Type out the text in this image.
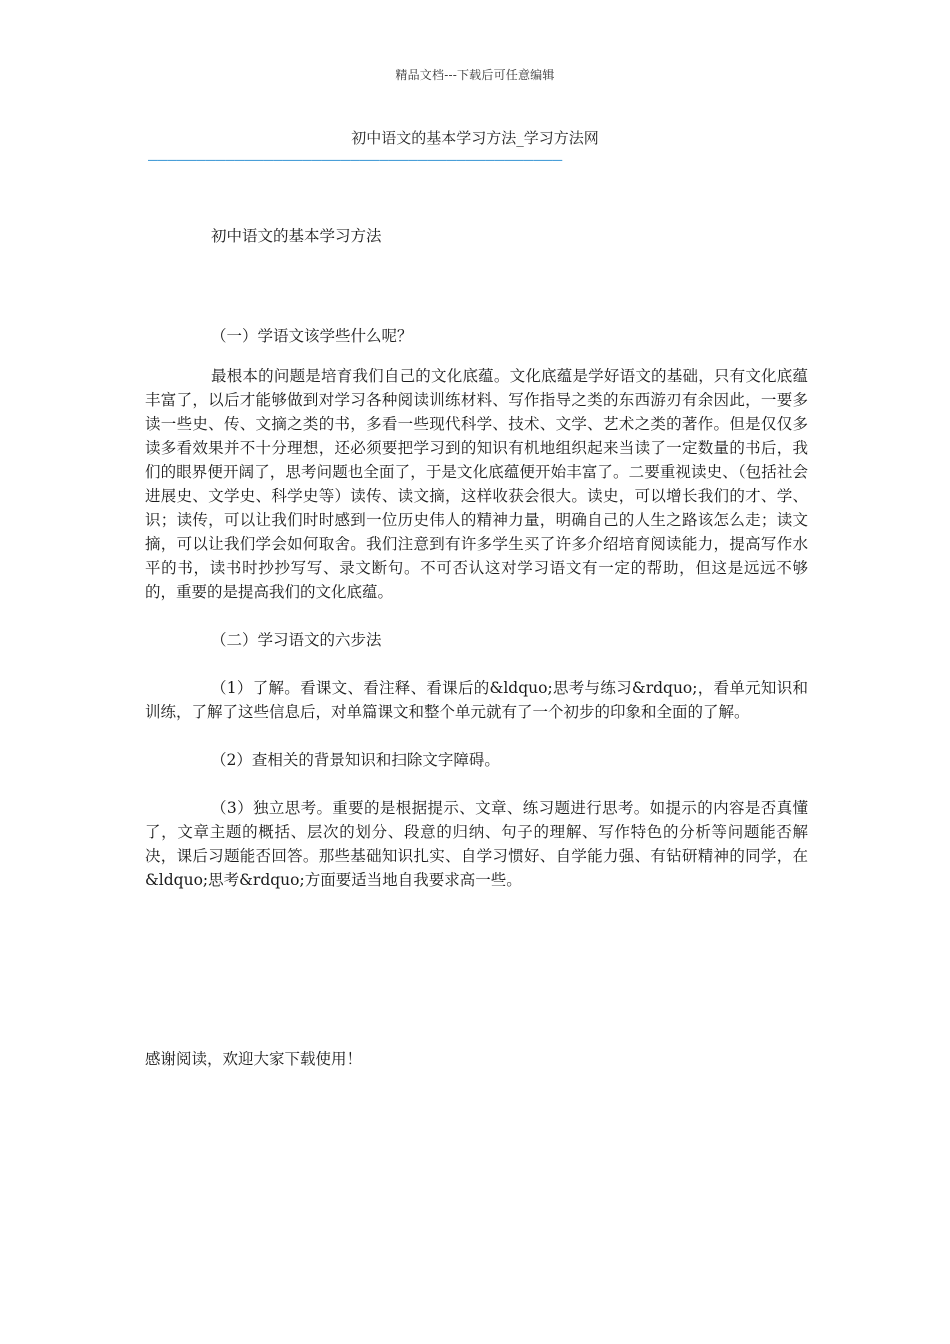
精品文档---下载后可任意编辑
初中语文的基本学习方法_学习方法网
———————————————————————————————————————————

初中语文的基本学习方法

（一）学语文该学些什么呢？

最根本的问题是培育我们自己的文化底蕴。文化底蕴是学好语文的基础，只有文化底蕴丰富了，以后才能够做到对学习各种阅读训练材料、写作指导之类的东西游刃有余因此，一要多读一些史、传、文摘之类的书，多看一些现代科学、技术、文学、艺术之类的著作。但是仅仅多读多看效果并不十分理想，还必须要把学习到的知识有机地组织起来当读了一定数量的书后，我们的眼界便开阔了，思考问题也全面了，于是文化底蕴便开始丰富了。二要重视读史、（包括社会进展史、文学史、科学史等）读传、读文摘，这样收获会很大。读史，可以增长我们的才、学、识；读传，可以让我们时时感到一位历史伟人的精神力量，明确自己的人生之路该怎么走；读文摘，可以让我们学会如何取舍。我们注意到有许多学生买了许多介绍培育阅读能力，提高写作水平的书，读书时抄抄写写、录文断句。不可否认这对学习语文有一定的帮助，但这是远远不够的，重要的是提高我们的文化底蕴。

（二）学习语文的六步法

（1）了解。看课文、看注释、看课后的&ldquo;思考与练习&rdquo;，看单元知识和训练，了解了这些信息后，对单篇课文和整个单元就有了一个初步的印象和全面的了解。

（2）查相关的背景知识和扫除文字障碍。

（3）独立思考。重要的是根据提示、文章、练习题进行思考。如提示的内容是否真懂了，文章主题的概括、层次的划分、段意的归纳、句子的理解、写作特色的分析等问题能否解决，课后习题能否回答。那些基础知识扎实、自学习惯好、自学能力强、有钻研精神的同学，在&ldquo;思考&rdquo;方面要适当地自我要求高一些。

感谢阅读，欢迎大家下载使用！
